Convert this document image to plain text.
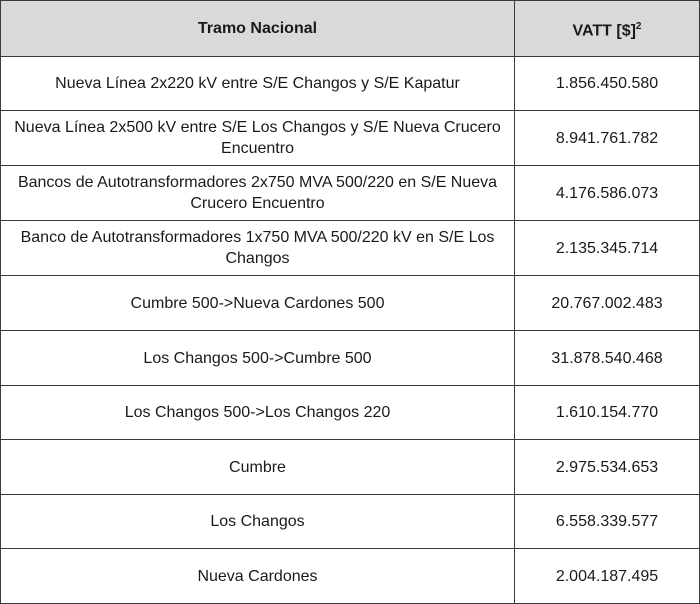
Tramo Nacional	VATT [$]$^2$
Nueva Línea 2x220 kV entre S/E Changos y S/E Kapatur	1.856.450.580
Nueva Línea 2x500 kV entre S/E Los Changos y S/E Nueva Crucero Encuentro	8.941.761.782
Bancos de Autotransformadores 2x750 MVA 500/220 en S/E Nueva Crucero Encuentro	4.176.586.073
Banco de Autotransformadores 1x750 MVA 500/220 kV en S/E Los Changos	2.135.345.714
Cumbre 500->Nueva Cardones 500	20.767.002.483
Los Changos 500->Cumbre 500	31.878.540.468
Los Changos 500->Los Changos 220	1.610.154.770
Cumbre	2.975.534.653
Los Changos	6.558.339.577
Nueva Cardones	2.004.187.495
